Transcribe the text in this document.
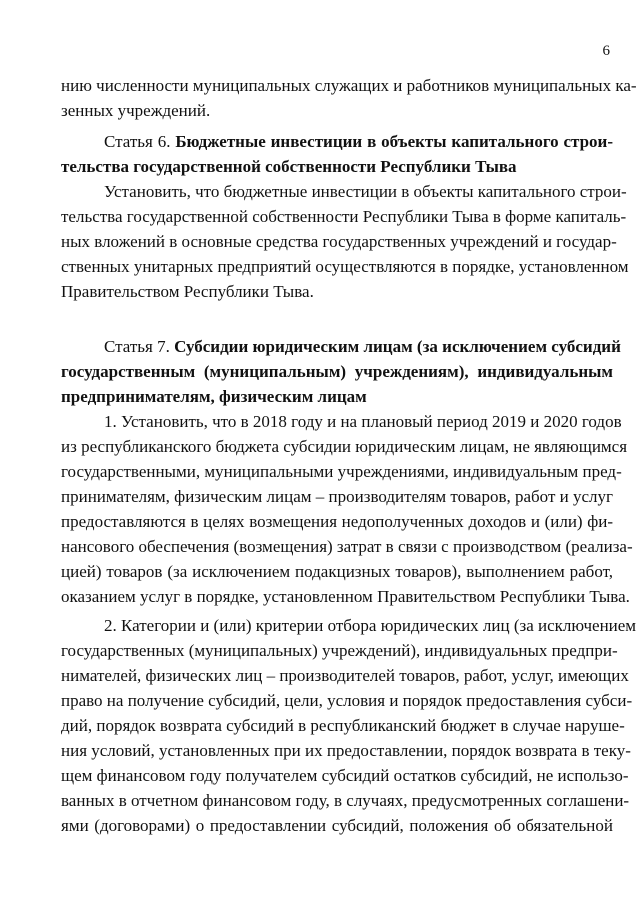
6

нию численности муниципальных служащих и работников муниципальных ка-
зенных учреждений.

Статья 6. Бюджетные инвестиции в объекты капитального строи-
тельства государственной собственности Республики Тыва

Установить, что бюджетные инвестиции в объекты капитального строи-
тельства государственной собственности Республики Тыва в форме капиталь-
ных вложений в основные средства государственных учреждений и государ-
ственных унитарных предприятий осуществляются в порядке, установленном
Правительством Республики Тыва.

Статья 7. Субсидии юридическим лицам (за исключением субсидий
государственным (муниципальным) учреждениям), индивидуальным
предпринимателям, физическим лицам

1. Установить, что в 2018 году и на плановый период 2019 и 2020 годов
из республиканского бюджета субсидии юридическим лицам, не являющимся
государственными, муниципальными учреждениями, индивидуальным пред-
принимателям, физическим лицам – производителям товаров, работ и услуг
предоставляются в целях возмещения недополученных доходов и (или) фи-
нансового обеспечения (возмещения) затрат в связи с производством (реализа-
цией) товаров (за исключением подакцизных товаров), выполнением работ,
оказанием услуг в порядке, установленном Правительством Республики Тыва.

2. Категории и (или) критерии отбора юридических лиц (за исключением
государственных (муниципальных) учреждений), индивидуальных предпри-
нимателей, физических лиц – производителей товаров, работ, услуг, имеющих
право на получение субсидий, цели, условия и порядок предоставления субси-
дий, порядок возврата субсидий в республиканский бюджет в случае наруше-
ния условий, установленных при их предоставлении, порядок возврата в теку-
щем финансовом году получателем субсидий остатков субсидий, не использо-
ванных в отчетном финансовом году, в случаях, предусмотренных соглашени-
ями (договорами) о предоставлении субсидий, положения об обязательной
